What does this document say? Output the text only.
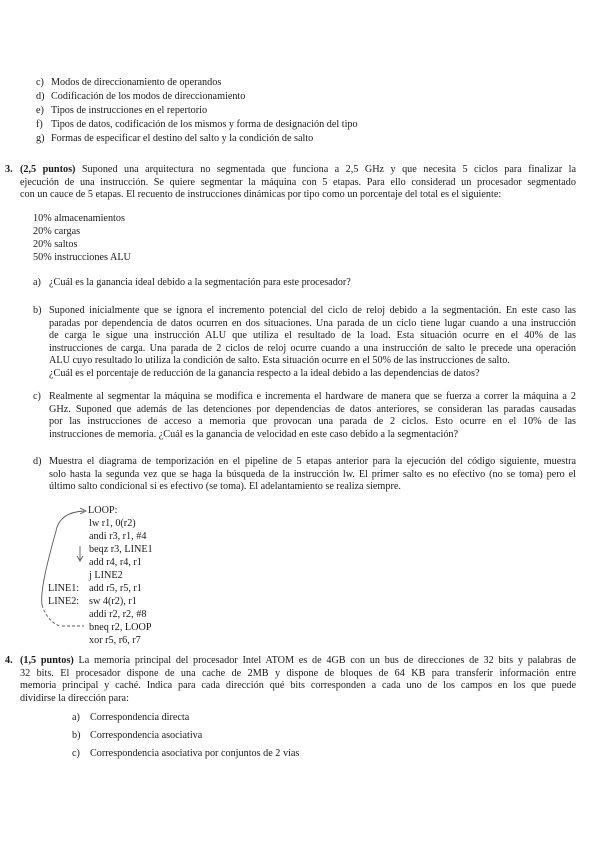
c) Modos de direccionamiento de operandos
d) Codificación de los modos de direccionamiento
e) Tipos de instrucciones en el repertorio
f) Tipos de datos, codificación de los mismos y forma de designación del tipo
g) Formas de especificar el destino del salto y la condición de salto
3. (2,5 puntos) Suponed una arquitectura no segmentada que funciona a 2,5 GHz y que necesita 5 ciclos para finalizar la
ejecución de una instrucción. Se quiere segmentar la máquina con 5 etapas. Para ello considerad un procesador segmentado
con un cauce de 5 etapas. El recuento de instrucciones dinámicas por tipo como un porcentaje del total es el siguiente:
10% almacenamientos
20% cargas
20% saltos
50% instrucciones ALU
a) ¿Cuál es la ganancia ideal debido a la segmentación para este procesador?
b) Suponed inicialmente que se ignora el incremento potencial del ciclo de reloj debido a la segmentación. En este caso las
paradas por dependencia de datos ocurren en dos situaciones. Una parada de un ciclo tiene lugar cuando a una instrucción
de carga le sigue una instrucción ALU que utiliza el resultado de la load. Esta situación ocurre en el 40% de las
instrucciones de carga. Una parada de 2 ciclos de reloj ocurre cuando a una instrucción de salto le precede una operación
ALU cuyo resultado lo utiliza la condición de salto. Esta situación ocurre en el 50% de las instrucciones de salto.
¿Cuál es el porcentaje de reducción de la ganancia respecto a la ideal debido a las dependencias de datos?
c) Realmente al segmentar la máquina se modifica e incrementa el hardware de manera que se fuerza a correr la máquina a 2
GHz. Suponed que además de las detenciones por dependencias de datos anteriores, se consideran las paradas causadas
por las instrucciones de acceso a memoria que provocan una parada de 2 ciclos. Esto ocurre en el 10% de las
instrucciones de memoria. ¿Cuál es la ganancia de velocidad en este caso debido a la segmentación?
d) Muestra el diagrama de temporización en el pipeline de 5 etapas anterior para la ejecución del código siguiente, muestra
solo hasta la segunda vez que se haga la búsqueda de la instrucción lw. El primer salto es no efectivo (no se toma) pero el
último salto condicional sí es efectivo (se toma). El adelantamiento se realiza siempre.
LOOP:
lw r1, 0(r2)
andi r3, r1, #4
beqz r3, LINE1
add r4, r4, r1
j LINE2
LINE1: add r5, r5, r1
LINE2: sw 4(r2), r1
addi r2, r2, #8
bneq r2, LOOP
xor r5, r6, r7
4. (1,5 puntos) La memoria principal del procesador Intel ATOM es de 4GB con un bus de direcciones de 32 bits y palabras de
32 bits. El procesador dispone de una cache de 2MB y dispone de bloques de 64 KB para transferir información entre
memoria principal y caché. Indica para cada dirección qué bits corresponden a cada uno de los campos en los que puede
dividirse la dirección para:
a) Correspondencia directa
b) Correspondencia asociativa
c) Correspondencia asociativa por conjuntos de 2 vías
